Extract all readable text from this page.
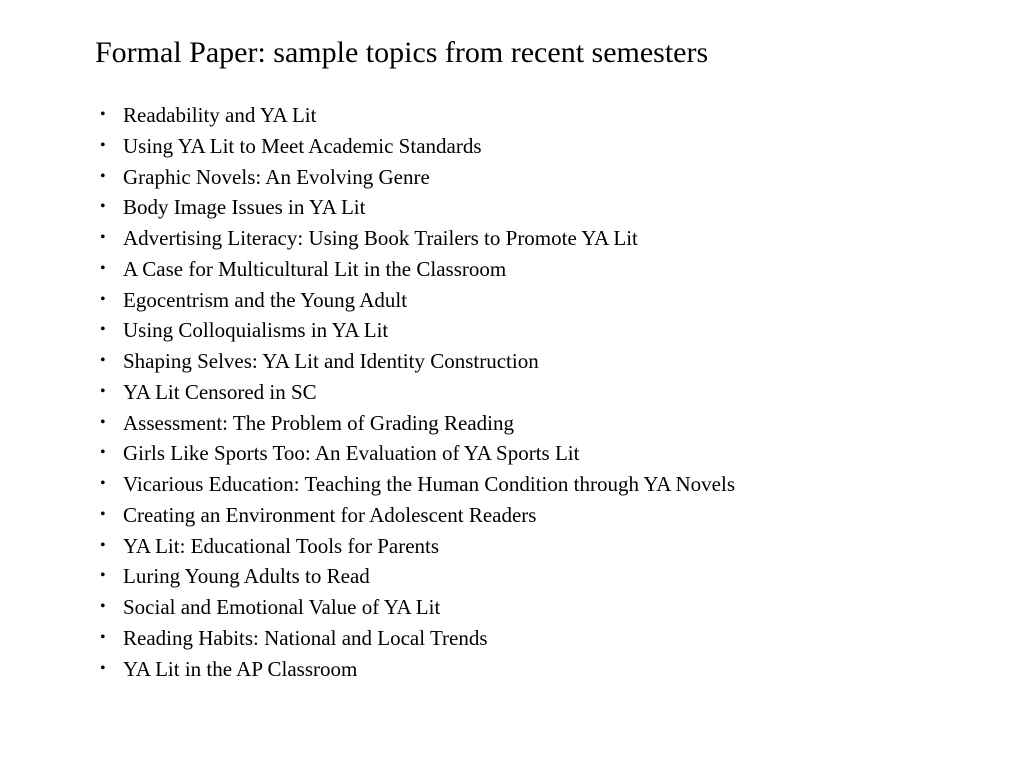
Formal Paper: sample topics from recent semesters
• Readability and YA Lit
• Using YA Lit to Meet Academic Standards
• Graphic Novels: An Evolving Genre
• Body Image Issues in YA Lit
• Advertising Literacy: Using Book Trailers to Promote YA Lit
• A Case for Multicultural Lit in the Classroom
• Egocentrism and the Young Adult
• Using Colloquialisms in YA Lit
• Shaping Selves: YA Lit and Identity Construction
• YA Lit Censored in SC
• Assessment: The Problem of Grading Reading
• Girls Like Sports Too: An Evaluation of YA Sports Lit
• Vicarious Education: Teaching the Human Condition through YA Novels
• Creating an Environment for Adolescent Readers
• YA Lit: Educational Tools for Parents
• Luring Young Adults to Read
• Social and Emotional Value of YA Lit
• Reading Habits: National and Local Trends
• YA Lit in the AP Classroom
